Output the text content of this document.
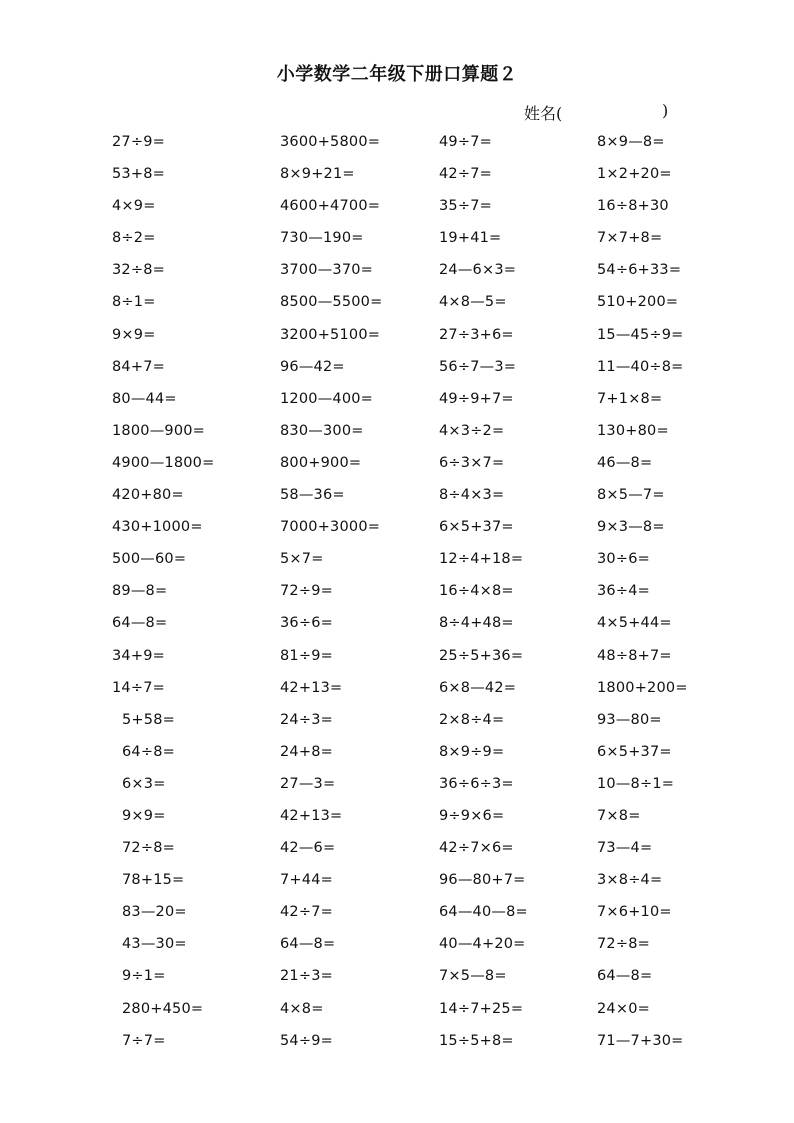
小学数学二年级下册口算题２
姓名(	)
27÷9=	3600+5800=	49÷7=	8×9—8=
53+8=	8×9+21=	42÷7=	1×2+20=
4×9=	4600+4700=	35÷7=	16÷8+30
8÷2=	730—190=	19+41=	7×7+8=
32÷8=	3700—370=	24—6×3=	54÷6+33=
8÷1=	8500—5500=	4×8—5=	510+200=
9×9=	3200+5100=	27÷3+6=	15—45÷9=
84+7=	96—42=	56÷7—3=	11—40÷8=
80—44=	1200—400=	49÷9+7=	7+1×8=
1800—900=	830—300=	4×3÷2=	130+80=
4900—1800=	800+900=	6÷3×7=	46—8=
420+80=	58—36=	8÷4×3=	8×5—7=
430+1000=	7000+3000=	6×5+37=	9×3—8=
500—60=	5×7=	12÷4+18=	30÷6=
89—8=	72÷9=	16÷4×8=	36÷4=
64—8=	36÷6=	8÷4+48=	4×5+44=
34+9=	81÷9=	25÷5+36=	48÷8+7=
14÷7=	42+13=	6×8—42=	1800+200=
5+58=	24÷3=	2×8÷4=	93—80=
64÷8=	24+8=	8×9÷9=	6×5+37=
6×3=	27—3=	36÷6÷3=	10—8÷1=
9×9=	42+13=	9÷9×6=	7×8=
72÷8=	42—6=	42÷7×6=	73—4=
78+15=	7+44=	96—80+7=	3×8÷4=
83—20=	42÷7=	64—40—8=	7×6+10=
43—30=	64—8=	40—4+20=	72÷8=
9÷1=	21÷3=	7×5—8=	64—8=
280+450=	4×8=	14÷7+25=	24×0=
7÷7=	54÷9=	15÷5+8=	71—7+30=
